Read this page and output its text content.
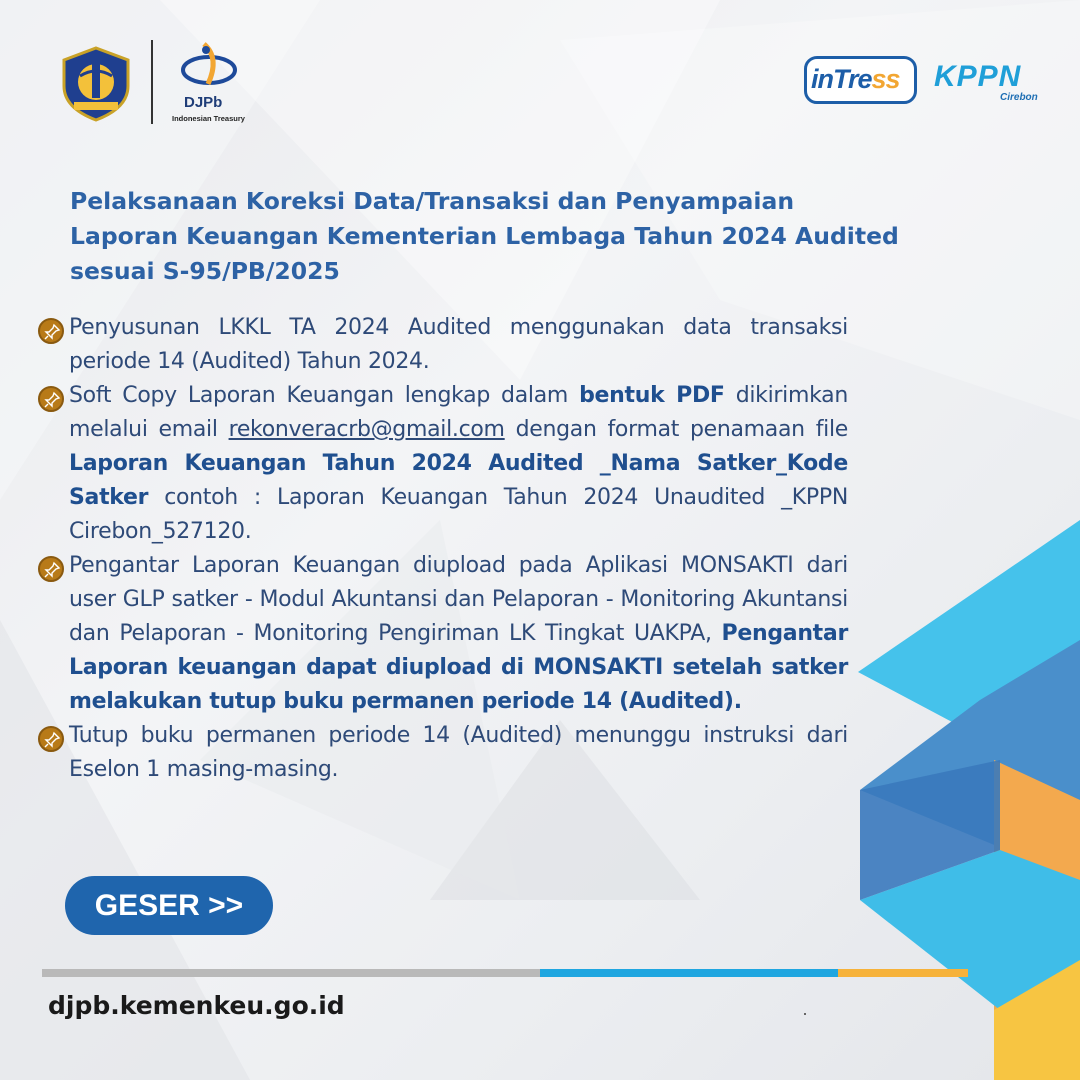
DJPb
Indonesian Treasury
inTress KPPN
Cirebon
Pelaksanaan Koreksi Data/Transaksi dan Penyampaian
Laporan Keuangan Kementerian Lembaga Tahun 2024 Audited
sesuai S-95/PB/2025
Penyusunan LKKL TA 2024 Audited menggunakan data transaksi periode 14 (Audited) Tahun 2024.
Soft Copy Laporan Keuangan lengkap dalam bentuk PDF dikirimkan melalui email rekonveracrb@gmail.com dengan format penamaan file Laporan Keuangan Tahun 2024 Audited _Nama Satker_Kode Satker contoh : Laporan Keuangan Tahun 2024 Unaudited _KPPN Cirebon_527120.
Pengantar Laporan Keuangan diupload pada Aplikasi MONSAKTI dari user GLP satker - Modul Akuntansi dan Pelaporan - Monitoring Akuntansi dan Pelaporan - Monitoring Pengiriman LK Tingkat UAKPA, Pengantar Laporan keuangan dapat diupload di MONSAKTI setelah satker melakukan tutup buku permanen periode 14 (Audited).
Tutup buku permanen periode 14 (Audited) menunggu instruksi dari Eselon 1 masing-masing.
GESER >>
djpb.kemenkeu.go.id
